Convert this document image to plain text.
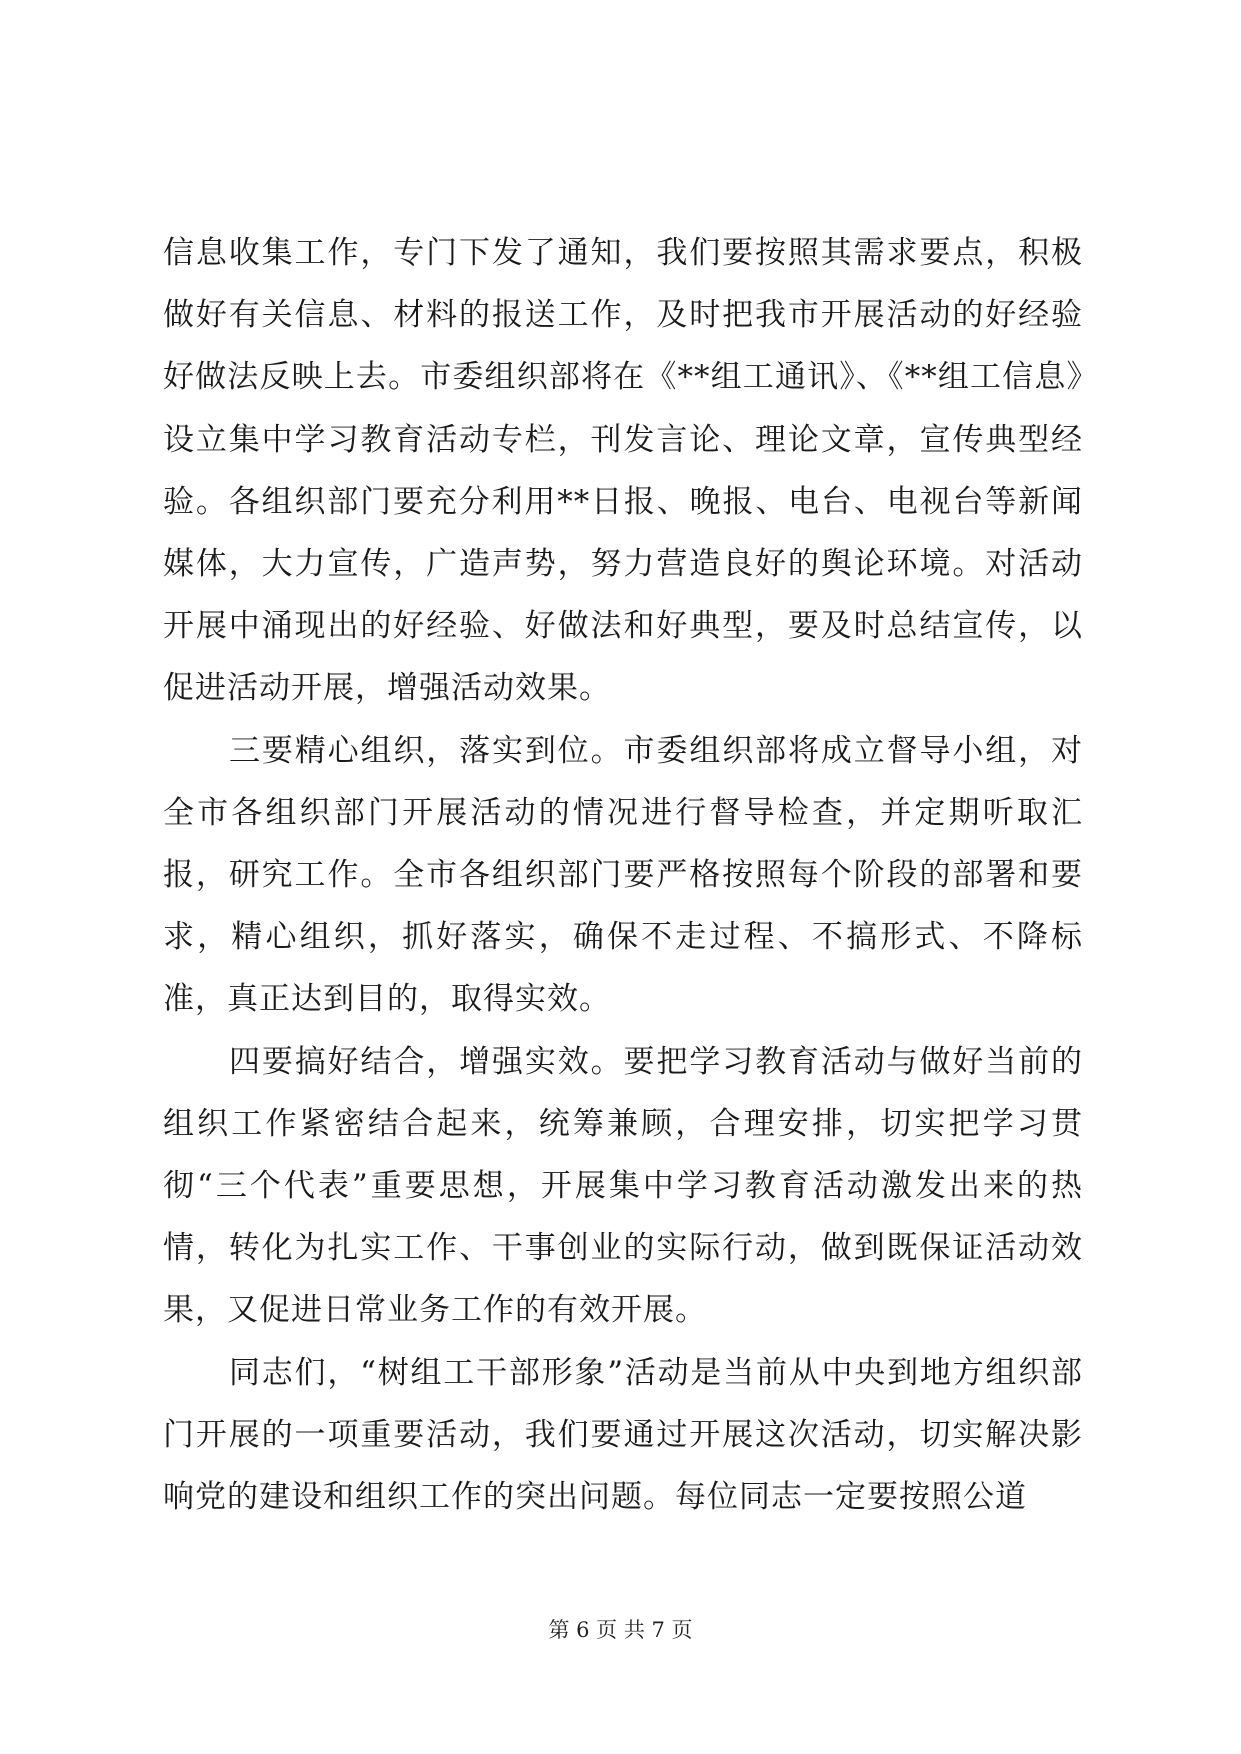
信息收集工作，专门下发了通知，我们要按照其需求要点，积极做好有关信息、材料的报送工作，及时把我市开展活动的好经验好做法反映上去。市委组织部将在《**组工通讯》、《**组工信息》设立集中学习教育活动专栏，刊发言论、理论文章，宣传典型经验。各组织部门要充分利用**日报、晚报、电台、电视台等新闻媒体，大力宣传，广造声势，努力营造良好的舆论环境。对活动开展中涌现出的好经验、好做法和好典型，要及时总结宣传，以促进活动开展，增强活动效果。

三要精心组织，落实到位。市委组织部将成立督导小组，对全市各组织部门开展活动的情况进行督导检查，并定期听取汇报，研究工作。全市各组织部门要严格按照每个阶段的部署和要求，精心组织，抓好落实，确保不走过程、不搞形式、不降标准，真正达到目的，取得实效。

四要搞好结合，增强实效。要把学习教育活动与做好当前的组织工作紧密结合起来，统筹兼顾，合理安排，切实把学习贯彻“三个代表”重要思想，开展集中学习教育活动激发出来的热情，转化为扎实工作、干事创业的实际行动，做到既保证活动效果，又促进日常业务工作的有效开展。

同志们，“树组工干部形象”活动是当前从中央到地方组织部门开展的一项重要活动，我们要通过开展这次活动，切实解决影响党的建设和组织工作的突出问题。每位同志一定要按照公道

第 6 页 共 7 页
